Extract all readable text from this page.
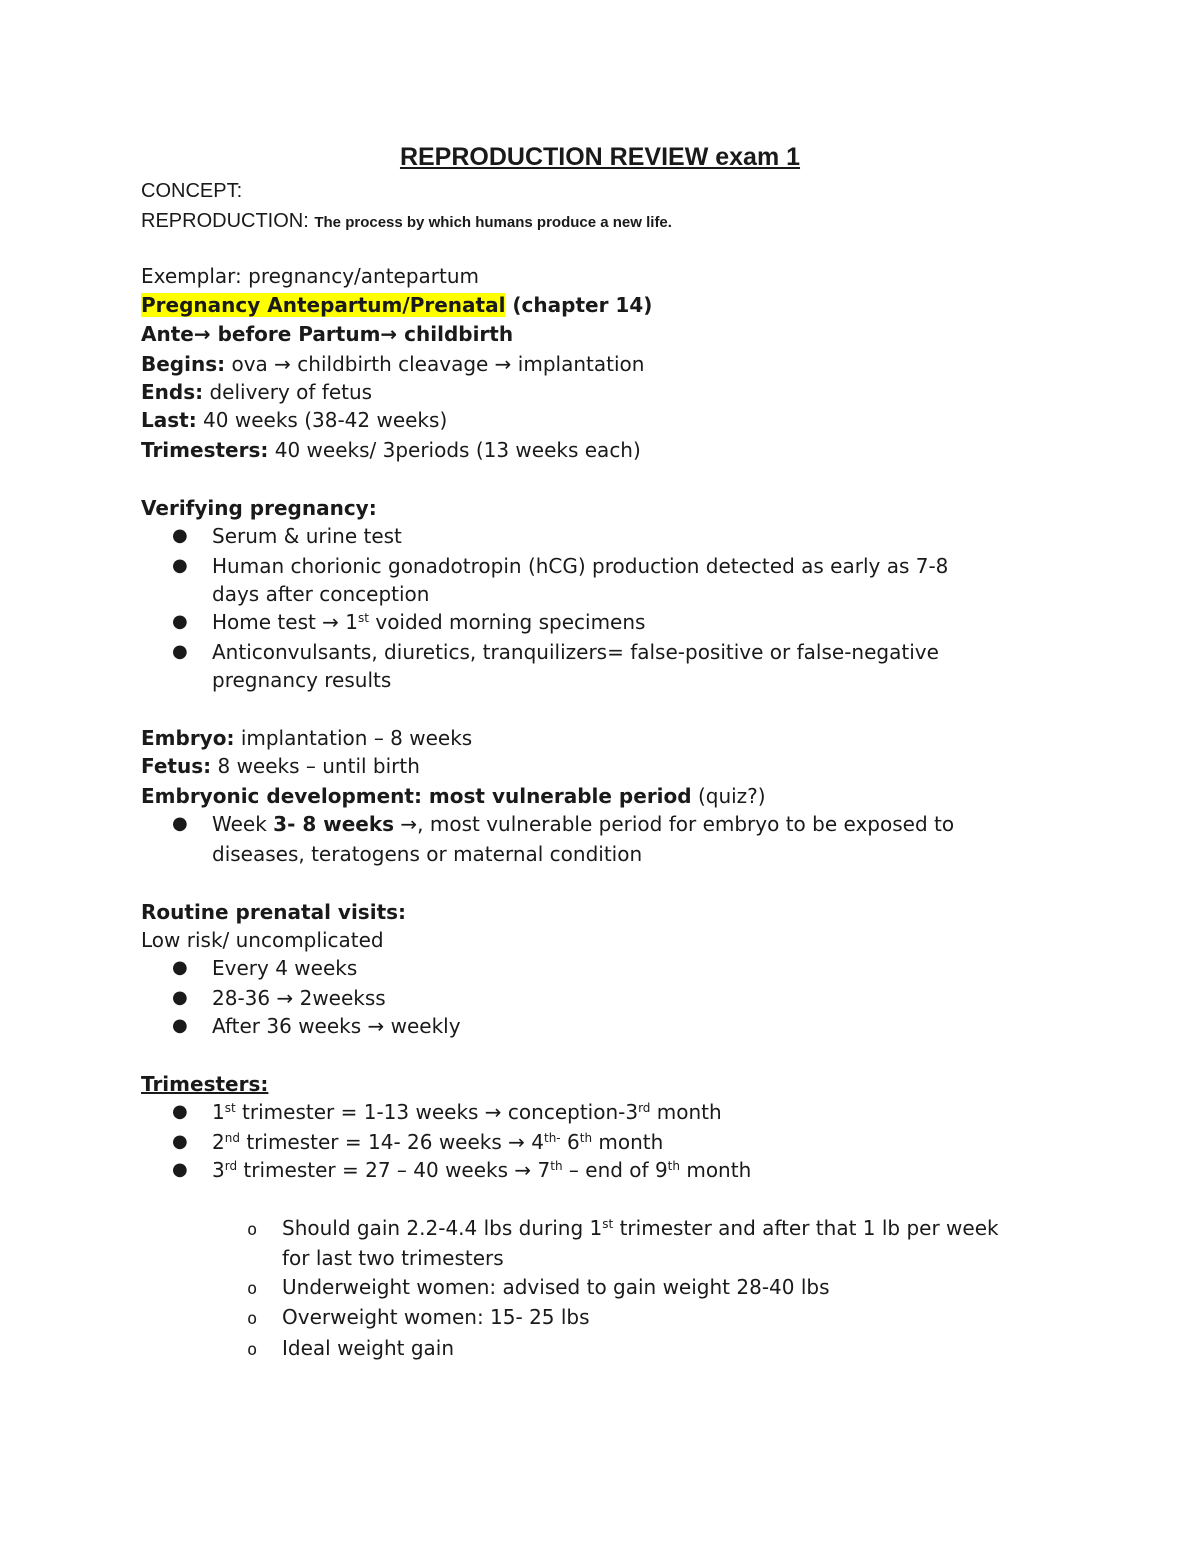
REPRODUCTION REVIEW exam 1
CONCEPT:
REPRODUCTION: The process by which humans produce a new life.
Exemplar: pregnancy/antepartum
Pregnancy Antepartum/Prenatal (chapter 14)
Ante→ before Partum→ childbirth
Begins: ova → childbirth cleavage → implantation
Ends: delivery of fetus
Last: 40 weeks (38-42 weeks)
Trimesters: 40 weeks/ 3periods (13 weeks each)
Verifying pregnancy:
● Serum & urine test
● Human chorionic gonadotropin (hCG) production detected as early as 7-8
days after conception
● Home test → 1st voided morning specimens
● Anticonvulsants, diuretics, tranquilizers= false-positive or false-negative
pregnancy results
Embryo: implantation – 8 weeks
Fetus: 8 weeks – until birth
Embryonic development: most vulnerable period (quiz?)
● Week 3- 8 weeks →, most vulnerable period for embryo to be exposed to
diseases, teratogens or maternal condition
Routine prenatal visits:
Low risk/ uncomplicated
● Every 4 weeks
● 28-36 → 2weekss
● After 36 weeks → weekly
Trimesters:
● 1st trimester = 1-13 weeks → conception-3rd month
● 2nd trimester = 14- 26 weeks → $4^{th-}$ 6th month
● 3rd trimester = 27 – 40 weeks → 7th – end of 9th month
o Should gain 2.2-4.4 lbs during 1st trimester and after that 1 lb per week
for last two trimesters
o Underweight women: advised to gain weight 28-40 lbs
o Overweight women: 15- 25 lbs
o Ideal weight gain
